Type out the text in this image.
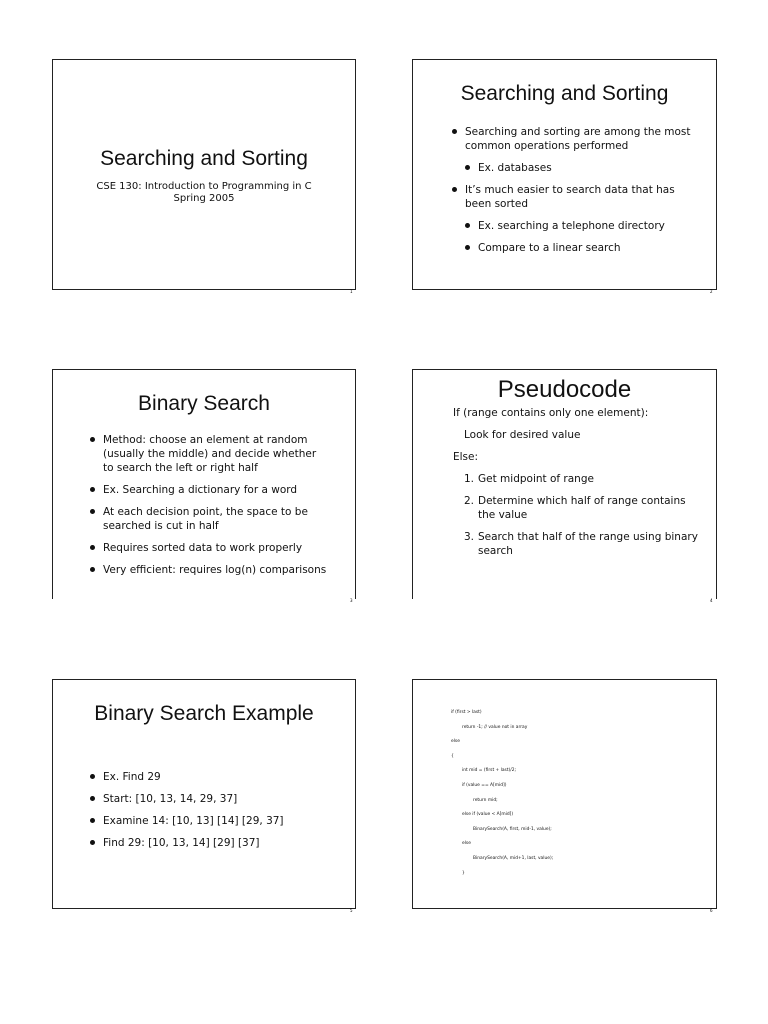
Searching and Sorting
CSE 130: Introduction to Programming in C
Spring 2005
1
Searching and Sorting
Searching and sorting are among the most common operations performed
Ex. databases
It’s much easier to search data that has been sorted
Ex. searching a telephone directory
Compare to a linear search
2
Binary Search
Method: choose an element at random (usually the middle) and decide whether to search the left or right half
Ex. Searching a dictionary for a word
At each decision point, the space to be searched is cut in half
Requires sorted data to work properly
Very efficient: requires log(n) comparisons
3
Pseudocode
If (range contains only one element):
Look for desired value
Else:
1. Get midpoint of range
2. Determine which half of range contains the value
3. Search that half of the range using binary search
4
Binary Search Example
Ex. Find 29
Start: [10, 13, 14, 29, 37]
Examine 14: [10, 13] [14] [29, 37]
Find 29: [10, 13, 14] [29] [37]
5
if (first > last)
return -1; // value not in array
else
{
int mid = (first + last)/2;
if (value == A[mid])
return mid;
else if (value < A[mid])
BinarySearch(A, first, mid-1, value);
else
BinarySearch(A, mid+1, last, value);
}
6
